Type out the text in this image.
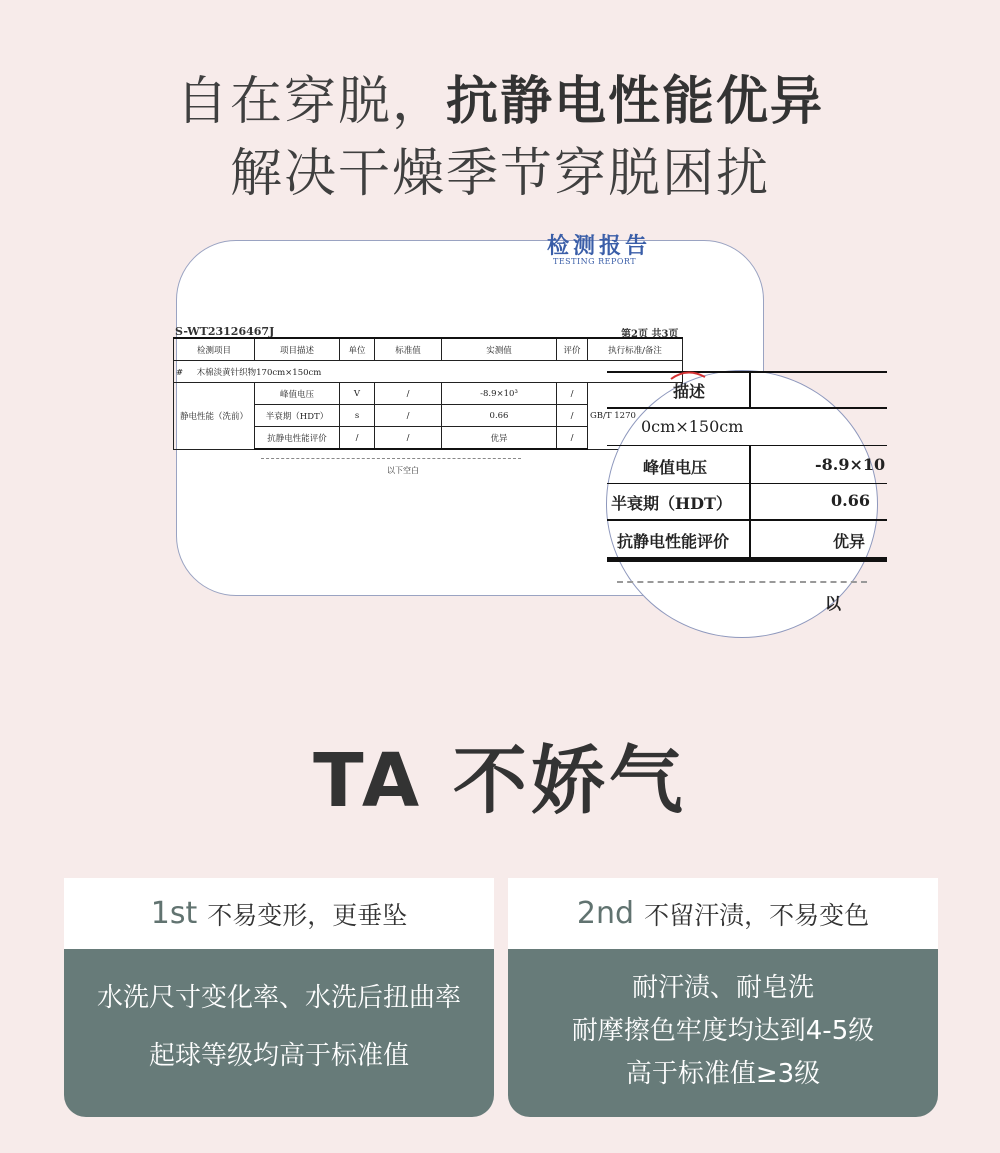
自在穿脱，抗静电性能优异
解决干燥季节穿脱困扰
检测报告
TESTING REPORT
S-WT23126467J	第2页 共3页
检测项目	项目描述	单位	标准值	实测值	评价	执行标准/备注
# 木棉淡黄针织物170cm×150cm						
静电性能（洗前）	峰值电压	V	/	-8.9×10³	/	GB/T 1270
	半衰期（HDT）	s	/	0.66	/	
	抗静电性能评价	/	/	优异	/	
以下空白
描述
0cm×150cm
峰值电压	-8.9×10
半衰期（HDT）	0.66
抗静电性能评价	优异
以
TA 不娇气
1st 不易变形，更垂坠
水洗尺寸变化率、水洗后扭曲率
起球等级均高于标准值
2nd 不留汗渍，不易变色
耐汗渍、耐皂洗
耐摩擦色牢度均达到4-5级
高于标准值≥3级
